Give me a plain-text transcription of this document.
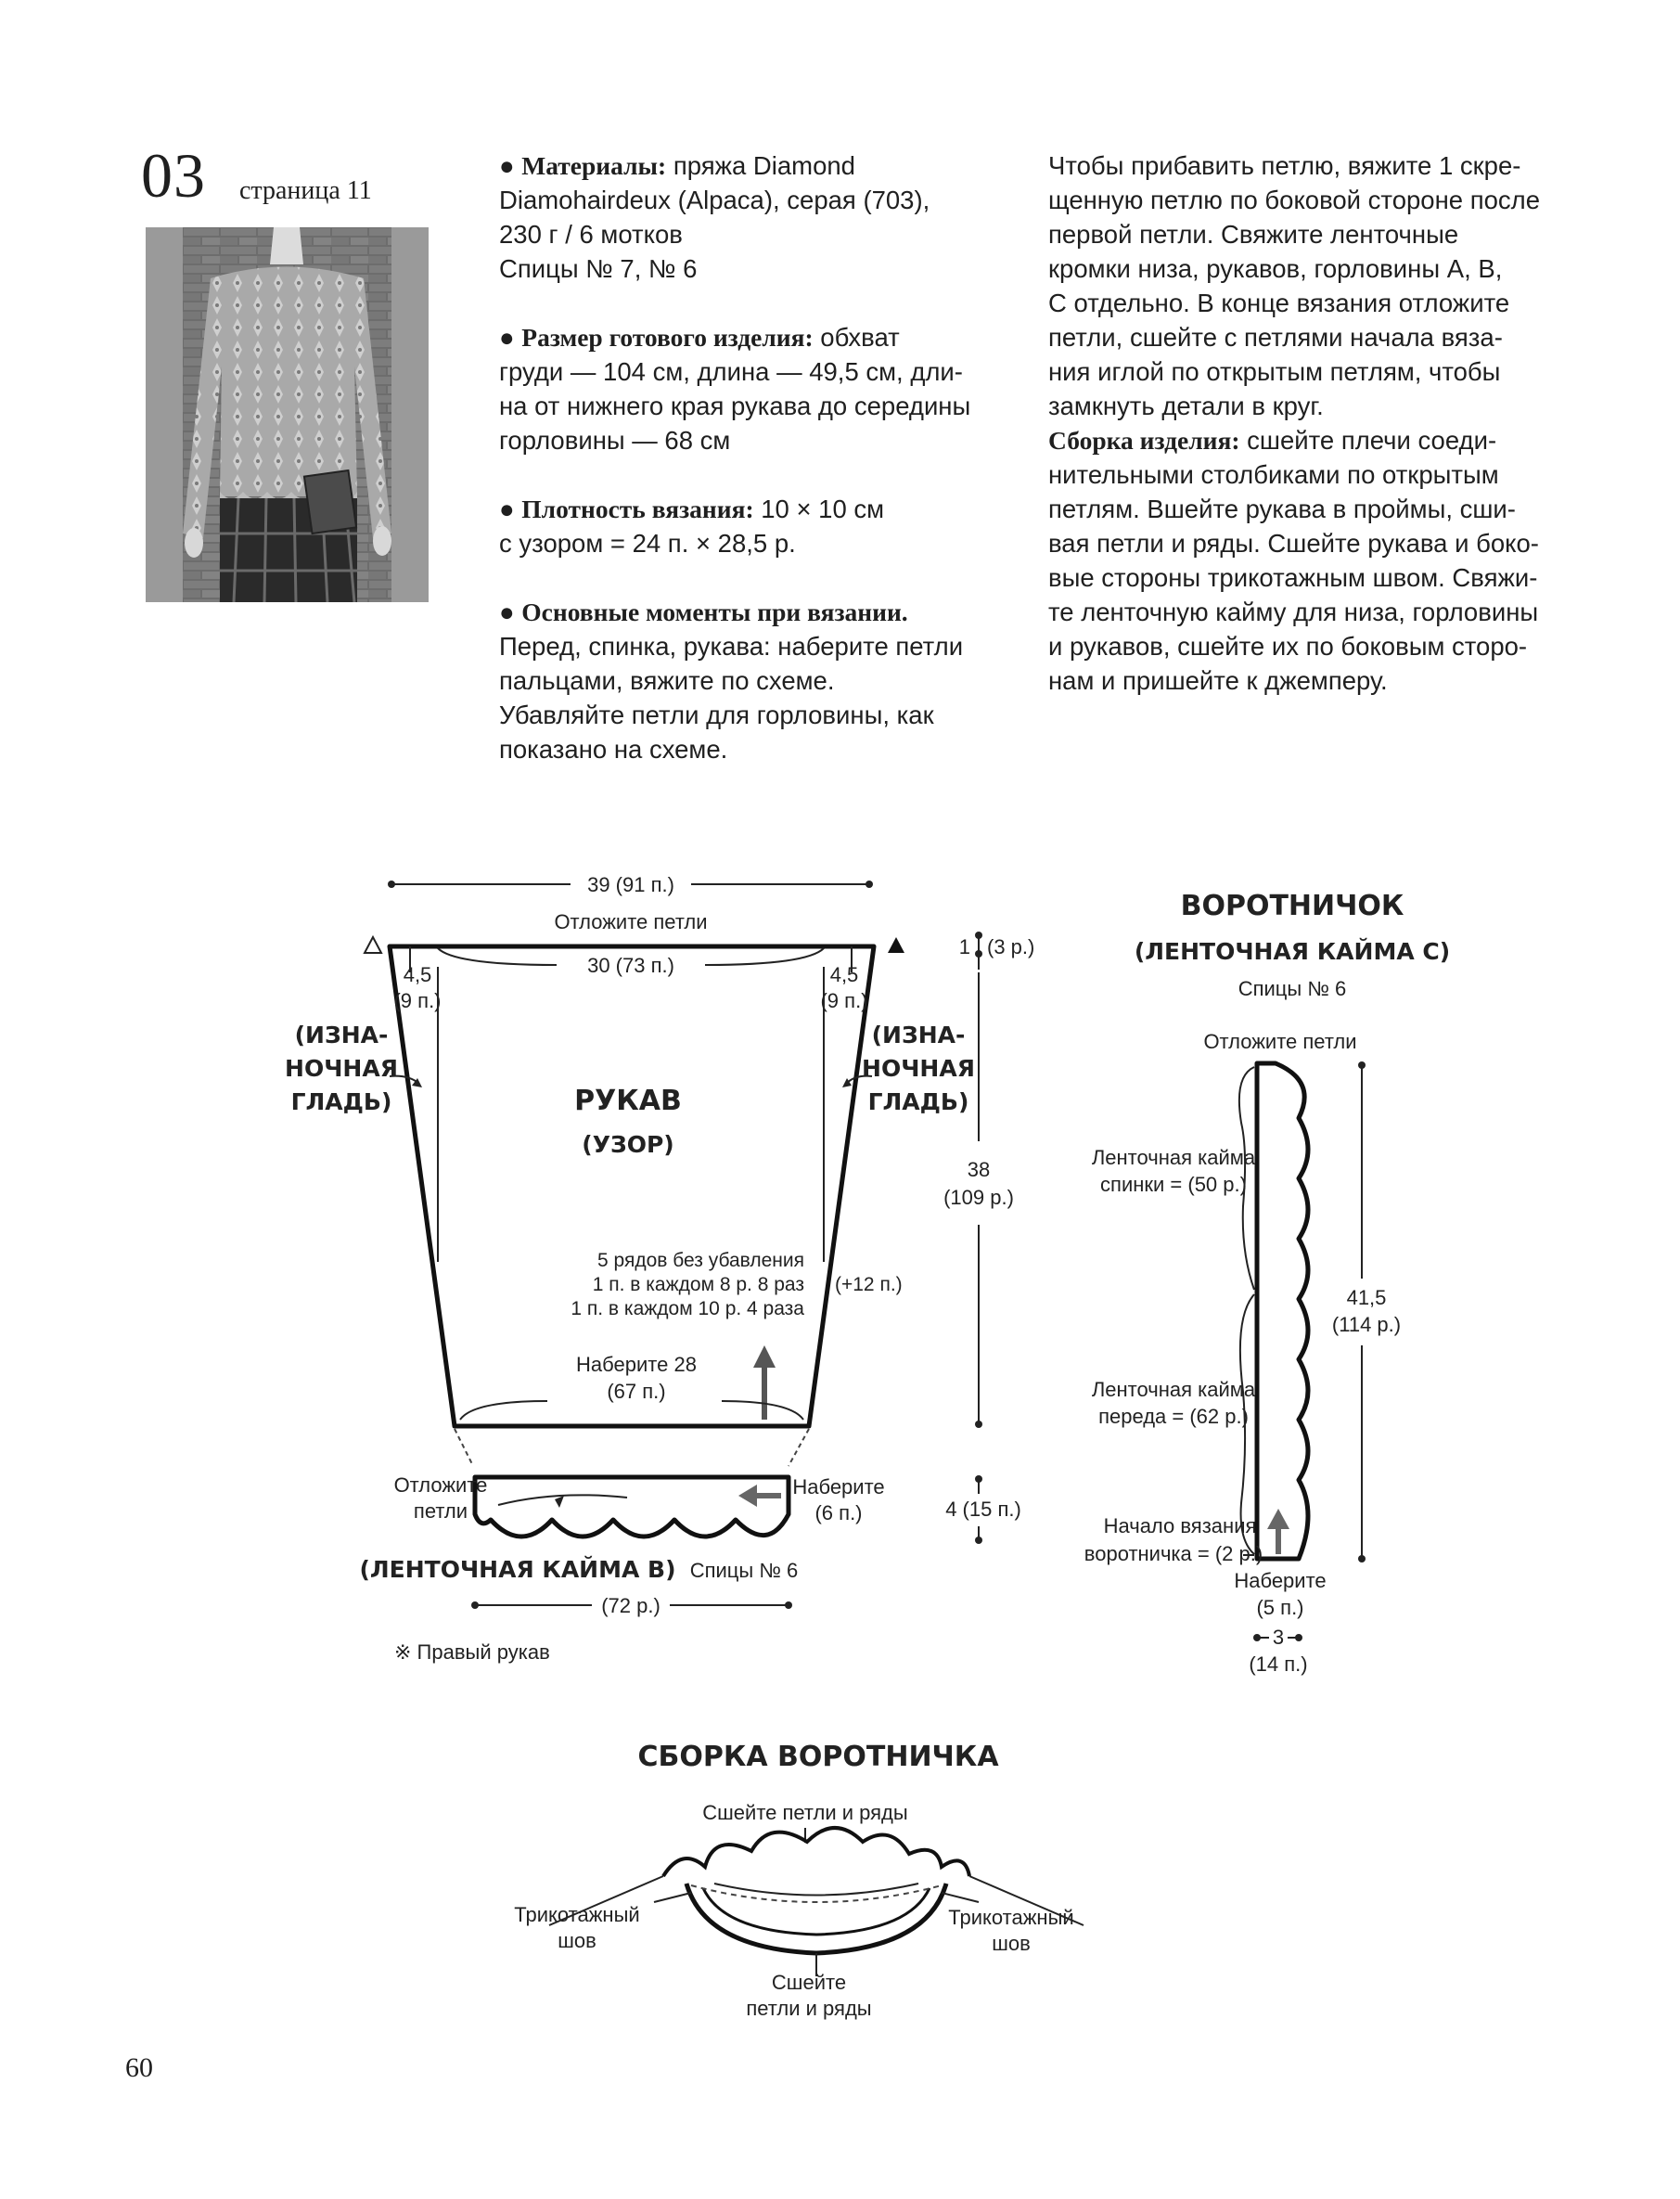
03 страница 11

● Материалы: пряжа Diamond

Diamohairdeux (Alpaca), серая (703),

230 г / 6 мотков

Спицы № 7, № 6

● Размер готового изделия: обхват

груди — 104 см, длина — 49,5 см, дли-

на от нижнего края рукава до середины

горловины — 68 см

● Плотность вязания: 10 × 10 см

с узором = 24 п. × 28,5 р.

● Основные моменты при вязании.

Перед, спинка, рукава: наберите петли

пальцами, вяжите по схеме.

Убавляйте петли для горловины, как

показано на схеме.

Чтобы прибавить петлю, вяжите 1 скре-

щенную петлю по боковой стороне после

первой петли. Свяжите ленточные

кромки низа, рукавов, горловины A, B,

C отдельно. В конце вязания отложите

петли, сшейте с петлями начала вяза-

ния иглой по открытым петлям, чтобы

замкнуть детали в круг.

Сборка изделия: сшейте плечи соеди-

нительными столбиками по открытым

петлям. Вшейте рукава в проймы, сши-

вая петли и ряды. Сшейте рукава и боко-

вые стороны трикотажным швом. Свяжи-

те ленточную кайму для низа, горловины

и рукавов, сшейте их по боковым сторо-

нам и пришейте к джемперу.

39 (91 п.)
Отложите петли
30 (73 п.)
4,5
(9 п.)
4,5
(9 п.)
(ИЗНА-
НОЧНАЯ
ГЛАДЬ)
(ИЗНА-
НОЧНАЯ
ГЛАДЬ)
РУКАВ
(УЗОР)
1 (3 р.)
38
(109 р.)
5 рядов без убавления
1 п. в каждом 8 р. 8 раз
1 п. в каждом 10 р. 4 раза
(+12 п.)
Наберите 28
(67 п.)
Отложите
петли
Наберите
(6 п.)	4 (15 п.)
(ЛЕНТОЧНАЯ КАЙМА B) Спицы № 6
(72 р.)
※ Правый рукав
ВОРОТНИЧОК
(ЛЕНТОЧНАЯ КАЙМА C)
Спицы № 6
Отложите петли
Ленточная кайма
спинки = (50 р.)
Ленточная кайма
переда = (62 р.)
Начало вязания
воротничка = (2 р.)
Наберите
(5 п.)
41,5
(114 р.)
3
(14 п.)
СБОРКА ВОРОТНИЧКА
Сшейте петли и ряды
Трикотажный
шов
Трикотажный
шов
Сшейте
петли и ряды
60
